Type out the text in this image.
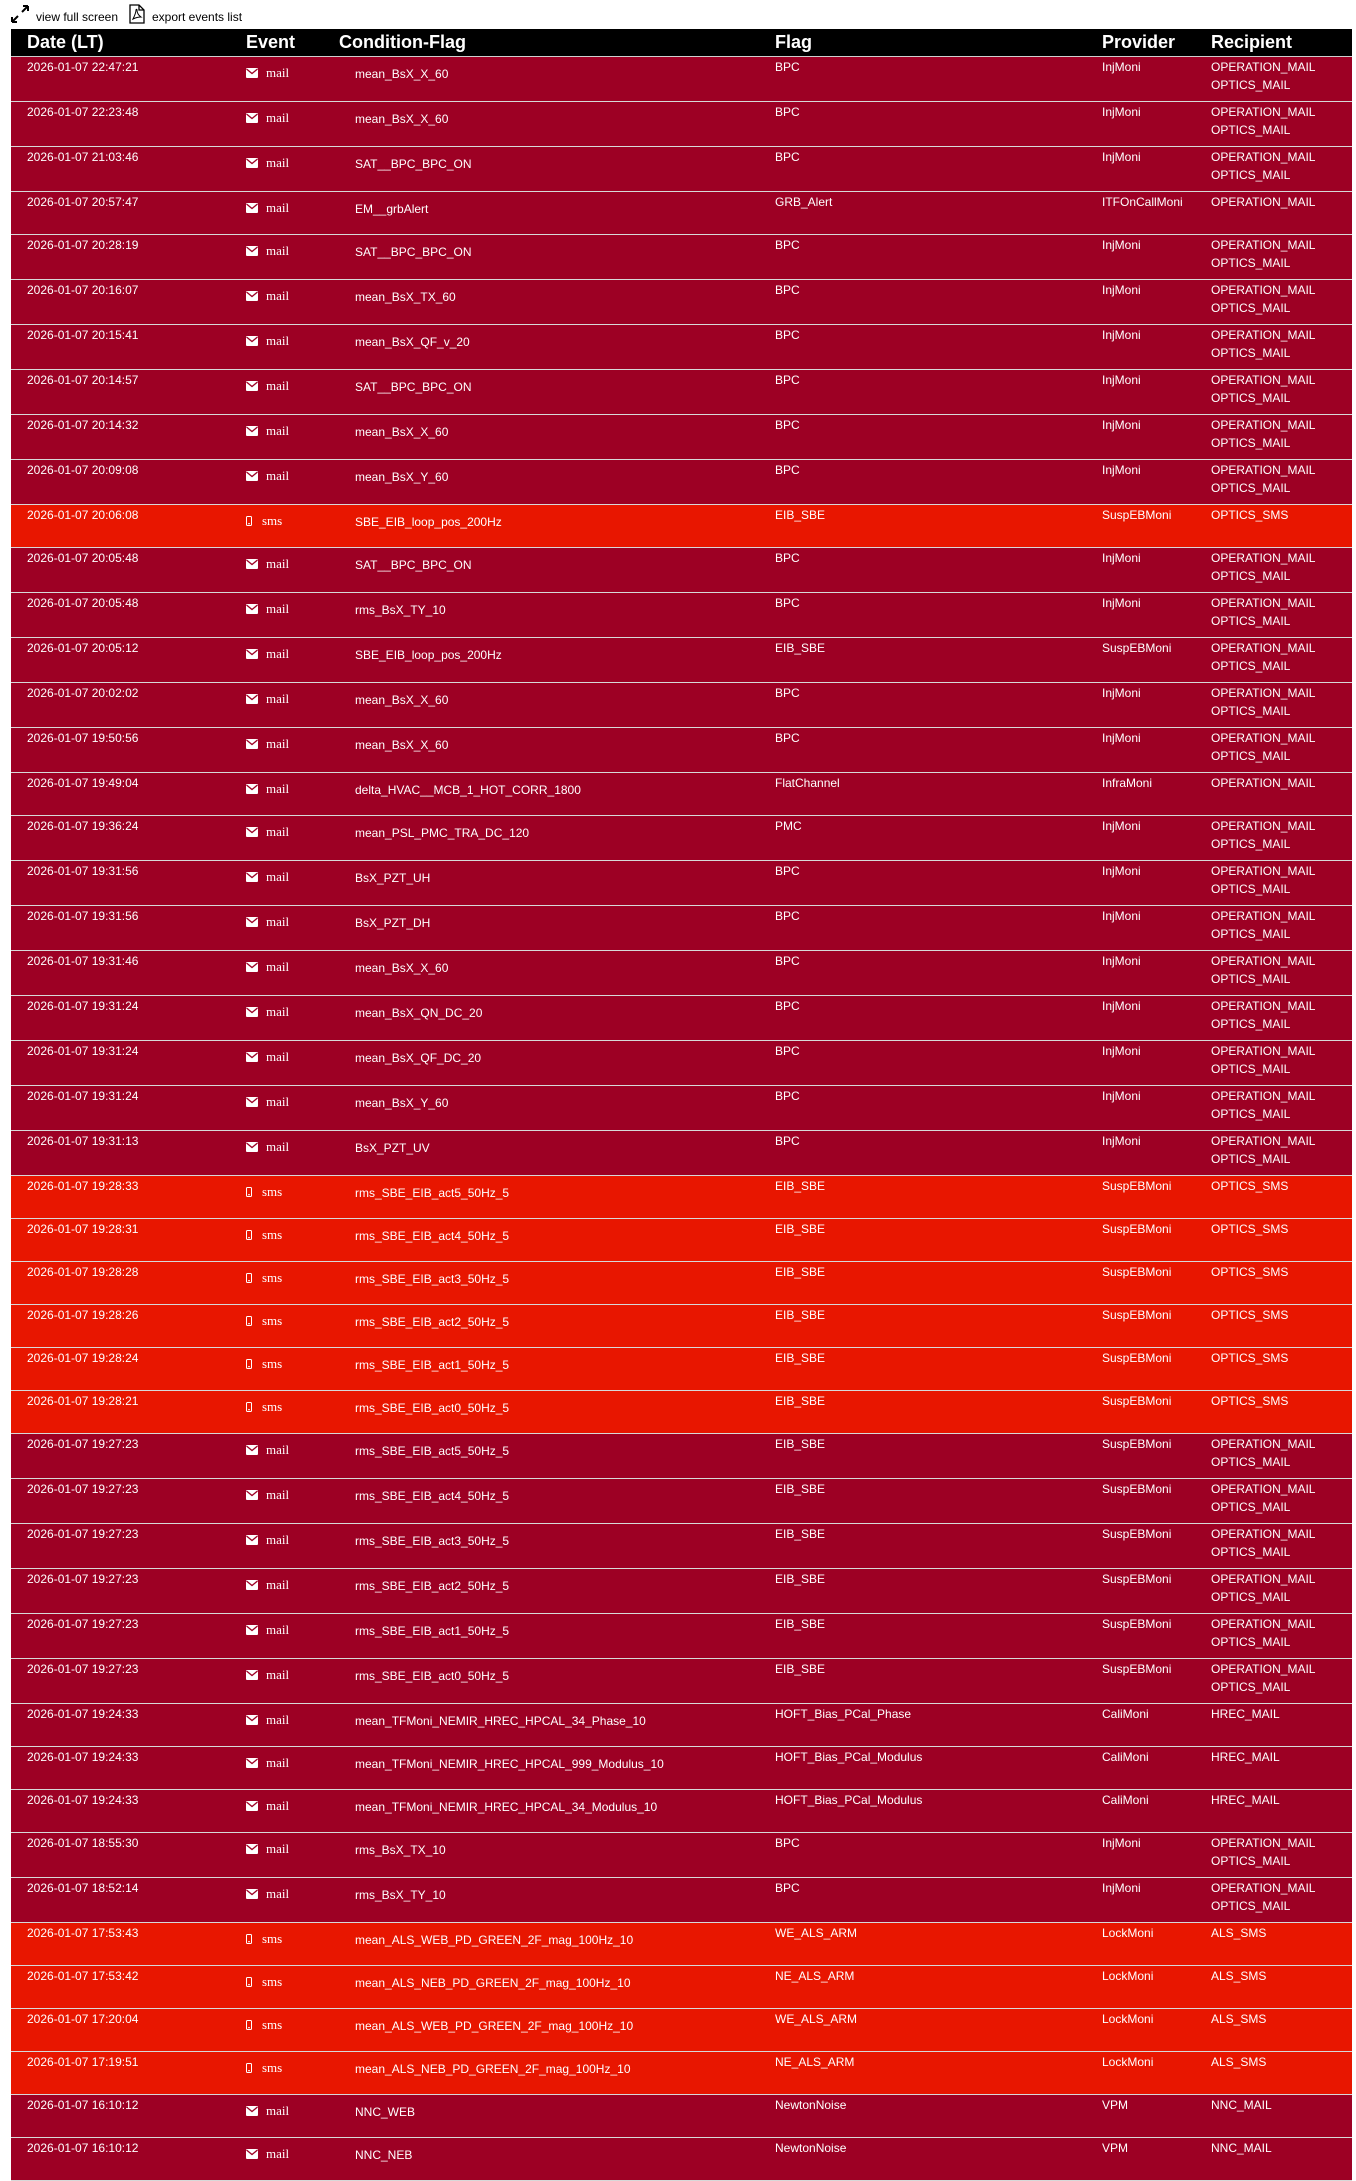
view full screen	export events list
Date (LT)	Event	Condition-Flag	Flag	Provider	Recipient
2026-01-07 22:47:21	mail	mean_BsX_X_60	BPC	InjMoni	OPERATION_MAIL
OPTICS_MAIL

2026-01-07 22:23:48	mail	mean_BsX_X_60	BPC	InjMoni	OPERATION_MAIL
OPTICS_MAIL

2026-01-07 21:03:46	mail	SAT__BPC_BPC_ON	BPC	InjMoni	OPERATION_MAIL
OPTICS_MAIL

2026-01-07 20:57:47	mail	EM__grbAlert	GRB_Alert	ITFOnCallMoni	OPERATION_MAIL

2026-01-07 20:28:19	mail	SAT__BPC_BPC_ON	BPC	InjMoni	OPERATION_MAIL
OPTICS_MAIL

2026-01-07 20:16:07	mail	mean_BsX_TX_60	BPC	InjMoni	OPERATION_MAIL
OPTICS_MAIL

2026-01-07 20:15:41	mail	mean_BsX_QF_v_20	BPC	InjMoni	OPERATION_MAIL
OPTICS_MAIL

2026-01-07 20:14:57	mail	SAT__BPC_BPC_ON	BPC	InjMoni	OPERATION_MAIL
OPTICS_MAIL

2026-01-07 20:14:32	mail	mean_BsX_X_60	BPC	InjMoni	OPERATION_MAIL
OPTICS_MAIL

2026-01-07 20:09:08	mail	mean_BsX_Y_60	BPC	InjMoni	OPERATION_MAIL
OPTICS_MAIL

2026-01-07 20:06:08	sms	SBE_EIB_loop_pos_200Hz	EIB_SBE	SuspEBMoni	OPTICS_SMS

2026-01-07 20:05:48	mail	SAT__BPC_BPC_ON	BPC	InjMoni	OPERATION_MAIL
OPTICS_MAIL

2026-01-07 20:05:48	mail	rms_BsX_TY_10	BPC	InjMoni	OPERATION_MAIL
OPTICS_MAIL

2026-01-07 20:05:12	mail	SBE_EIB_loop_pos_200Hz	EIB_SBE	SuspEBMoni	OPERATION_MAIL
OPTICS_MAIL

2026-01-07 20:02:02	mail	mean_BsX_X_60	BPC	InjMoni	OPERATION_MAIL
OPTICS_MAIL

2026-01-07 19:50:56	mail	mean_BsX_X_60	BPC	InjMoni	OPERATION_MAIL
OPTICS_MAIL

2026-01-07 19:49:04	mail	delta_HVAC__MCB_1_HOT_CORR_1800	FlatChannel	InfraMoni	OPERATION_MAIL

2026-01-07 19:36:24	mail	mean_PSL_PMC_TRA_DC_120	PMC	InjMoni	OPERATION_MAIL
OPTICS_MAIL

2026-01-07 19:31:56	mail	BsX_PZT_UH	BPC	InjMoni	OPERATION_MAIL
OPTICS_MAIL

2026-01-07 19:31:56	mail	BsX_PZT_DH	BPC	InjMoni	OPERATION_MAIL
OPTICS_MAIL

2026-01-07 19:31:46	mail	mean_BsX_X_60	BPC	InjMoni	OPERATION_MAIL
OPTICS_MAIL

2026-01-07 19:31:24	mail	mean_BsX_QN_DC_20	BPC	InjMoni	OPERATION_MAIL
OPTICS_MAIL

2026-01-07 19:31:24	mail	mean_BsX_QF_DC_20	BPC	InjMoni	OPERATION_MAIL
OPTICS_MAIL

2026-01-07 19:31:24	mail	mean_BsX_Y_60	BPC	InjMoni	OPERATION_MAIL
OPTICS_MAIL

2026-01-07 19:31:13	mail	BsX_PZT_UV	BPC	InjMoni	OPERATION_MAIL
OPTICS_MAIL

2026-01-07 19:28:33	sms	rms_SBE_EIB_act5_50Hz_5	EIB_SBE	SuspEBMoni	OPTICS_SMS

2026-01-07 19:28:31	sms	rms_SBE_EIB_act4_50Hz_5	EIB_SBE	SuspEBMoni	OPTICS_SMS

2026-01-07 19:28:28	sms	rms_SBE_EIB_act3_50Hz_5	EIB_SBE	SuspEBMoni	OPTICS_SMS

2026-01-07 19:28:26	sms	rms_SBE_EIB_act2_50Hz_5	EIB_SBE	SuspEBMoni	OPTICS_SMS

2026-01-07 19:28:24	sms	rms_SBE_EIB_act1_50Hz_5	EIB_SBE	SuspEBMoni	OPTICS_SMS

2026-01-07 19:28:21	sms	rms_SBE_EIB_act0_50Hz_5	EIB_SBE	SuspEBMoni	OPTICS_SMS

2026-01-07 19:27:23	mail	rms_SBE_EIB_act5_50Hz_5	EIB_SBE	SuspEBMoni	OPERATION_MAIL
OPTICS_MAIL

2026-01-07 19:27:23	mail	rms_SBE_EIB_act4_50Hz_5	EIB_SBE	SuspEBMoni	OPERATION_MAIL
OPTICS_MAIL

2026-01-07 19:27:23	mail	rms_SBE_EIB_act3_50Hz_5	EIB_SBE	SuspEBMoni	OPERATION_MAIL
OPTICS_MAIL

2026-01-07 19:27:23	mail	rms_SBE_EIB_act2_50Hz_5	EIB_SBE	SuspEBMoni	OPERATION_MAIL
OPTICS_MAIL

2026-01-07 19:27:23	mail	rms_SBE_EIB_act1_50Hz_5	EIB_SBE	SuspEBMoni	OPERATION_MAIL
OPTICS_MAIL

2026-01-07 19:27:23	mail	rms_SBE_EIB_act0_50Hz_5	EIB_SBE	SuspEBMoni	OPERATION_MAIL
OPTICS_MAIL

2026-01-07 19:24:33	mail	mean_TFMoni_NEMIR_HREC_HPCAL_34_Phase_10	HOFT_Bias_PCal_Phase	CaliMoni	HREC_MAIL

2026-01-07 19:24:33	mail	mean_TFMoni_NEMIR_HREC_HPCAL_999_Modulus_10	HOFT_Bias_PCal_Modulus	CaliMoni	HREC_MAIL

2026-01-07 19:24:33	mail	mean_TFMoni_NEMIR_HREC_HPCAL_34_Modulus_10	HOFT_Bias_PCal_Modulus	CaliMoni	HREC_MAIL

2026-01-07 18:55:30	mail	rms_BsX_TX_10	BPC	InjMoni	OPERATION_MAIL
OPTICS_MAIL

2026-01-07 18:52:14	mail	rms_BsX_TY_10	BPC	InjMoni	OPERATION_MAIL
OPTICS_MAIL

2026-01-07 17:53:43	sms	mean_ALS_WEB_PD_GREEN_2F_mag_100Hz_10	WE_ALS_ARM	LockMoni	ALS_SMS

2026-01-07 17:53:42	sms	mean_ALS_NEB_PD_GREEN_2F_mag_100Hz_10	NE_ALS_ARM	LockMoni	ALS_SMS

2026-01-07 17:20:04	sms	mean_ALS_WEB_PD_GREEN_2F_mag_100Hz_10	WE_ALS_ARM	LockMoni	ALS_SMS

2026-01-07 17:19:51	sms	mean_ALS_NEB_PD_GREEN_2F_mag_100Hz_10	NE_ALS_ARM	LockMoni	ALS_SMS

2026-01-07 16:10:12	mail	NNC_WEB	NewtonNoise	VPM	NNC_MAIL

2026-01-07 16:10:12	mail	NNC_NEB	NewtonNoise	VPM	NNC_MAIL
